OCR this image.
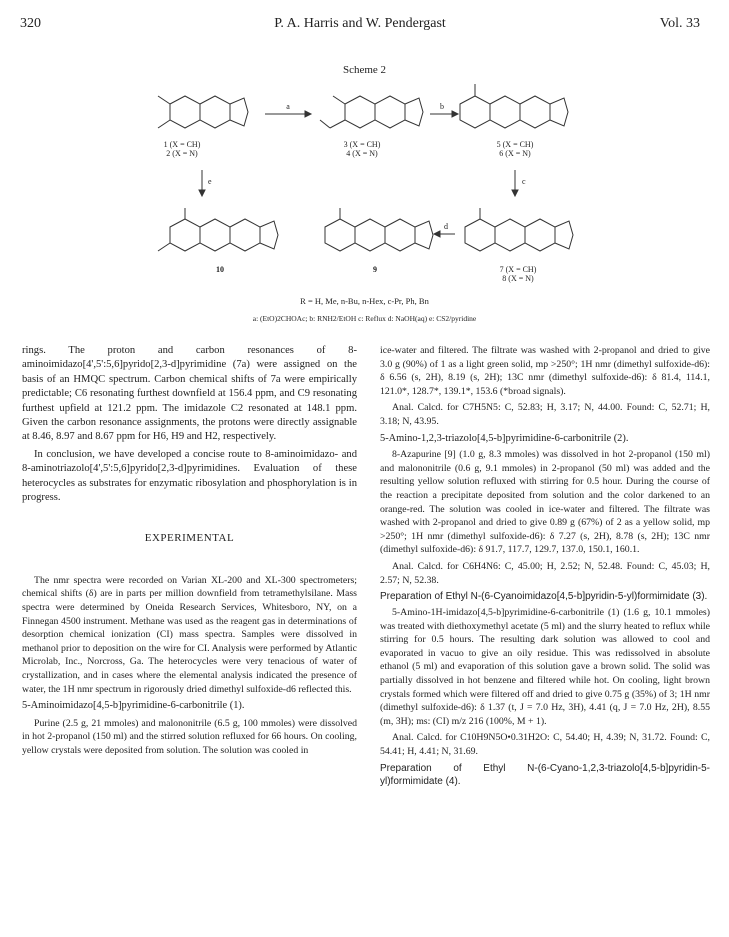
320	P. A. Harris and W. Pendergast	Vol. 33
Scheme 2
1 (X = CH)
2 (X = N)
3 (X = CH)
4 (X = N)
5 (X = CH)
6 (X = N)
7 (X = CH)
8 (X = N)
9
10
a	b
c
d
e
R = H, Me, n-Bu, n-Hex, c-Pr, Ph, Bn
a: (EtO)2CHOAc; b: RNH2/EtOH c: Reflux d: NaOH(aq) e: CS2/pyridine

rings. The proton and carbon resonances of 8-aminoimidazo[4',5':5,6]pyrido[2,3-d]pyrimidine (7a) were assigned on the basis of an HMQC spectrum. Carbon chemical shifts of 7a were empirically predictable; C6 resonating furthest downfield at 156.4 ppm, and C9 resonating furthest upfield at 121.2 ppm. The imidazole C2 resonated at 148.1 ppm. Given the carbon resonance assignments, the protons were directly assignable at 8.46, 8.97 and 8.67 ppm for H6, H9 and H2, respectively.

In conclusion, we have developed a concise route to 8-aminoimidazo- and 8-aminotriazolo[4',5':5,6]pyrido[2,3-d]pyrimidines. Evaluation of these heterocycles as substrates for enzymatic ribosylation and phosphorylation is in progress.

EXPERIMENTAL

The nmr spectra were recorded on Varian XL-200 and XL-300 spectrometers; chemical shifts (δ) are in parts per million downfield from tetramethylsilane. Mass spectra were determined by Oneida Research Services, Whitesboro, NY, on a Finnegan 4500 instrument. Methane was used as the reagent gas in determinations of desorption chemical ionization (CI) mass spectra. Samples were dissolved in methanol prior to deposition on the wire for CI. Analysis were performed by Atlantic Microlab, Inc., Norcross, Ga. The heterocycles were very tenacious of water of crystallization, and in cases where the elemental analysis indicated the presence of water, the 1H nmr spectrum in rigorously dried dimethyl sulfoxide-d6 reflected this.

5-Aminoimidazo[4,5-b]pyrimidine-6-carbonitrile (1).

Purine (2.5 g, 21 mmoles) and malononitrile (6.5 g, 100 mmoles) were dissolved in hot 2-propanol (150 ml) and the stirred solution refluxed for 66 hours. On cooling, yellow crystals were deposited from solution. The solution was cooled in

ice-water and filtered. The filtrate was washed with 2-propanol and dried to give 3.0 g (90%) of 1 as a light green solid, mp >250°; 1H nmr (dimethyl sulfoxide-d6): δ 6.56 (s, 2H), 8.19 (s, 2H); 13C nmr (dimethyl sulfoxide-d6): δ 81.4, 114.1, 121.0*, 128.7*, 139.1*, 153.6 (*broad signals).

Anal. Calcd. for C7H5N5: C, 52.83; H, 3.17; N, 44.00. Found: C, 52.71; H, 3.18; N, 43.95.

5-Amino-1,2,3-triazolo[4,5-b]pyrimidine-6-carbonitrile (2).

8-Azapurine [9] (1.0 g, 8.3 mmoles) was dissolved in hot 2-propanol (150 ml) and malononitrile (0.6 g, 9.1 mmoles) in 2-propanol (50 ml) was added and the resulting yellow solution refluxed with stirring for 0.5 hour. During the course of the reaction a precipitate deposited from solution and the color darkened to an orange-red. The solution was cooled in ice-water and filtered. The filtrate was washed with 2-propanol and dried to give 0.89 g (67%) of 2 as a yellow solid, mp >250°; 1H nmr (dimethyl sulfoxide-d6): δ 7.27 (s, 2H), 8.78 (s, 2H); 13C nmr (dimethyl sulfoxide-d6): δ 91.7, 117.7, 129.7, 137.0, 150.1, 160.1.

Anal. Calcd. for C6H4N6: C, 45.00; H, 2.52; N, 52.48. Found: C, 45.03; H, 2.57; N, 52.38.

Preparation of Ethyl N-(6-Cyanoimidazo[4,5-b]pyridin-5-yl)formimidate (3).

5-Amino-1H-imidazo[4,5-b]pyrimidine-6-carbonitrile (1) (1.6 g, 10.1 mmoles) was treated with diethoxymethyl acetate (5 ml) and the slurry heated to reflux while stirring for 0.5 hours. The resulting dark solution was allowed to cool and evaporated in vacuo to give an oily residue. This was redissolved in absolute ethanol (5 ml) and evaporation of this solution gave a brown solid. The solid was partially dissolved in hot benzene and filtered while hot. On cooling, light brown crystals formed which were filtered off and dried to give 0.75 g (35%) of 3; 1H nmr (dimethyl sulfoxide-d6): δ 1.37 (t, J = 7.0 Hz, 3H), 4.41 (q, J = 7.0 Hz, 2H), 8.55 (m, 3H); ms: (CI) m/z 216 (100%, M + 1).

Anal. Calcd. for C10H9N5O•0.31H2O: C, 54.40; H, 4.39; N, 31.72. Found: C, 54.41; H, 4.41; N, 31.69.

Preparation of Ethyl N-(6-Cyano-1,2,3-triazolo[4,5-b]pyridin-5-yl)formimidate (4).
